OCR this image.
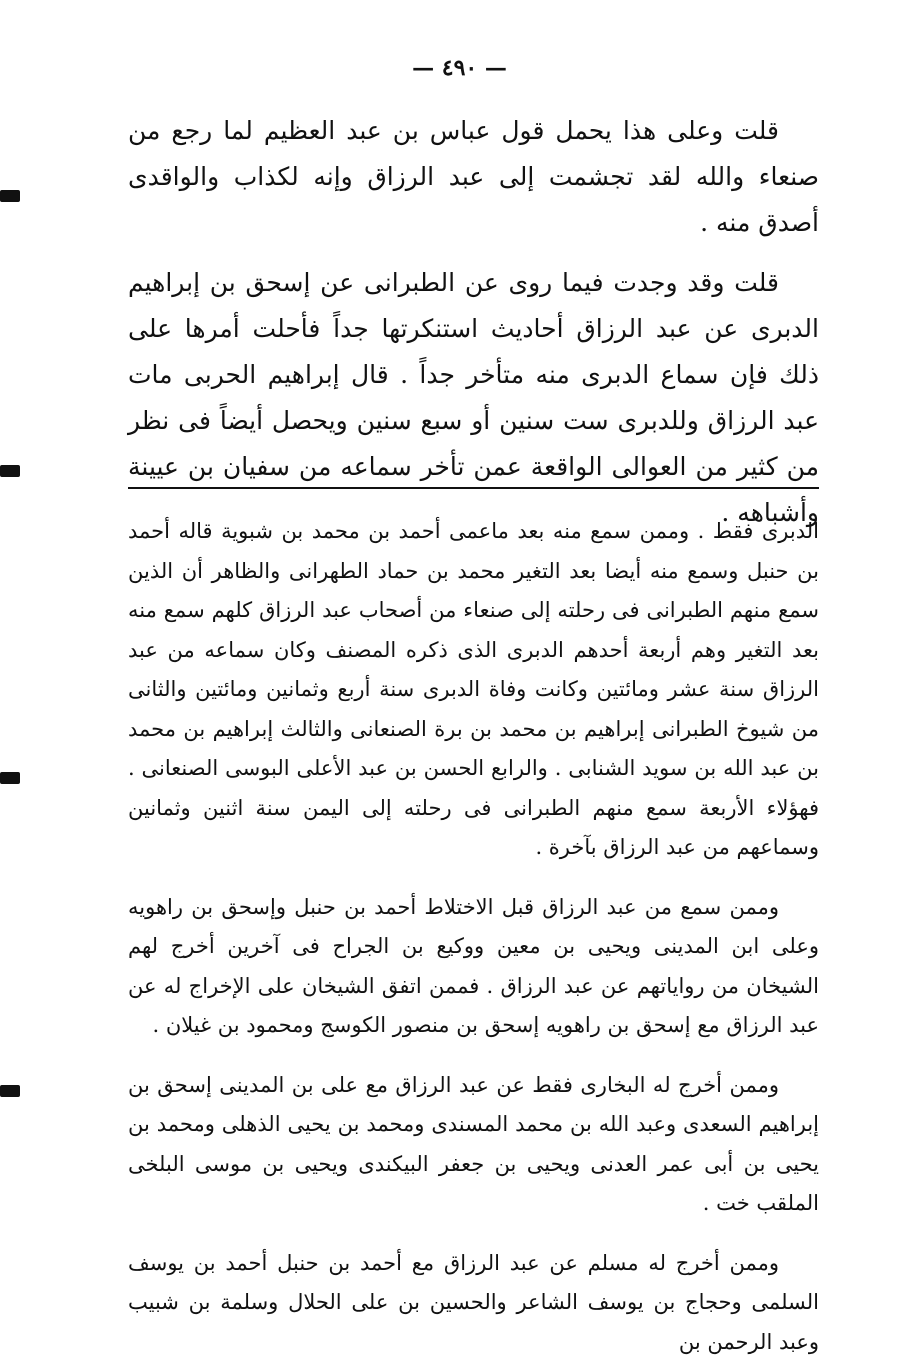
— ٤٩٠ —

قلت وعلى هذا يحمل قول عباس بن عبد العظيم لما رجع من صنعاء والله لقد تجشمت إلى عبد الرزاق وإنه لكذاب والواقدى أصدق منه .

قلت وقد وجدت فيما روى عن الطبرانى عن إسحق بن إبراهيم الدبرى عن عبد الرزاق أحاديث استنكرتها جداً فأحلت أمرها على ذلك فإن سماع الدبرى منه متأخر جداً . قال إبراهيم الحربى مات عبد الرزاق وللدبرى ست سنين أو سبع سنين ويحصل أيضاً فى نظر من كثير من العوالى الواقعة عمن تأخر سماعه من سفيان بن عيينة وأشباهه .

الدبرى فقط . وممن سمع منه بعد ماعمى أحمد بن محمد بن شبوية قاله أحمد بن حنبل وسمع منه أيضا بعد التغير محمد بن حماد الطهرانى والظاهر أن الذين سمع منهم الطبرانى فى رحلته إلى صنعاء من أصحاب عبد الرزاق كلهم سمع منه بعد التغير وهم أربعة أحدهم الدبرى الذى ذكره المصنف وكان سماعه من عبد الرزاق سنة عشر ومائتين وكانت وفاة الدبرى سنة أربع وثمانين ومائتين والثانى من شيوخ الطبرانى إبراهيم بن محمد بن برة الصنعانى والثالث إبراهيم بن محمد بن عبد الله بن سويد الشنابى . والرابع الحسن بن عبد الأعلى البوسى الصنعانى . فهؤلاء الأربعة سمع منهم الطبرانى فى رحلته إلى اليمن سنة اثنين وثمانين وسماعهم من عبد الرزاق بآخرة .

وممن سمع من عبد الرزاق قبل الاختلاط أحمد بن حنبل وإسحق بن راهويه وعلى ابن المدينى ويحيى بن معين ووكيع بن الجراح فى آخرين أخرج لهم الشيخان من رواياتهم عن عبد الرزاق . فممن اتفق الشيخان على الإخراج له عن عبد الرزاق مع إسحق بن راهويه إسحق بن منصور الكوسج ومحمود بن غيلان .

وممن أخرج له البخارى فقط عن عبد الرزاق مع على بن المدينى إسحق بن إبراهيم السعدى وعبد الله بن محمد المسندى ومحمد بن يحيى الذهلى ومحمد بن يحيى بن أبى عمر العدنى ويحيى بن جعفر البيكندى ويحيى بن موسى البلخى الملقب خت .

وممن أخرج له مسلم عن عبد الرزاق مع أحمد بن حنبل أحمد بن يوسف السلمى وحجاج بن يوسف الشاعر والحسين بن على الحلال وسلمة بن شبيب وعبد الرحمن بن
